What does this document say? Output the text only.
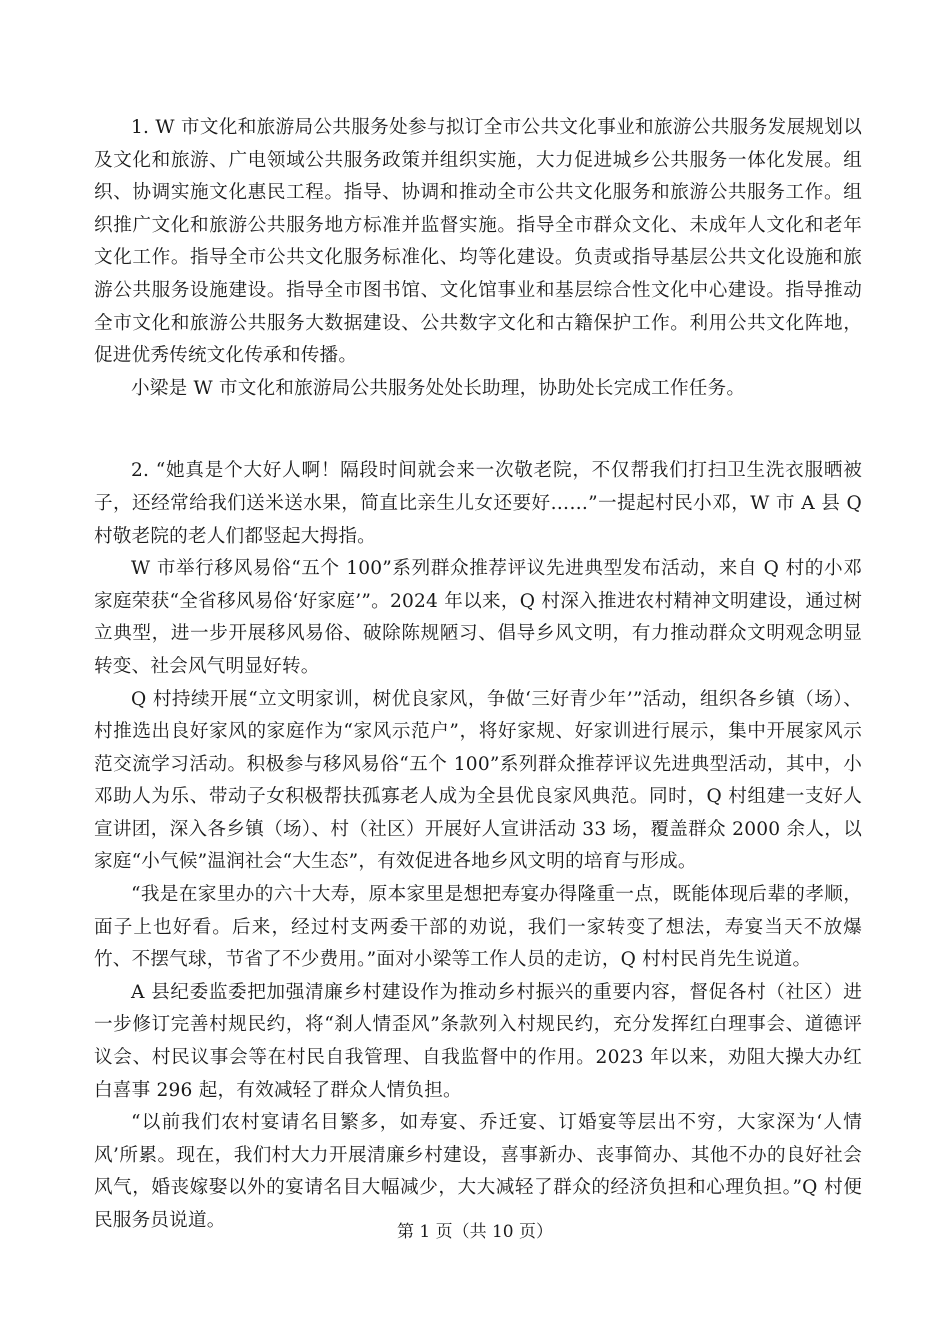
1. W 市文化和旅游局公共服务处参与拟订全市公共文化事业和旅游公共服务发展规划以及文化和旅游、广电领域公共服务政策并组织实施，大力促进城乡公共服务一体化发展。组织、协调实施文化惠民工程。指导、协调和推动全市公共文化服务和旅游公共服务工作。组织推广文化和旅游公共服务地方标准并监督实施。指导全市群众文化、未成年人文化和老年文化工作。指导全市公共文化服务标准化、均等化建设。负责或指导基层公共文化设施和旅游公共服务设施建设。指导全市图书馆、文化馆事业和基层综合性文化中心建设。指导推动全市文化和旅游公共服务大数据建设、公共数字文化和古籍保护工作。利用公共文化阵地，促进优秀传统文化传承和传播。

小梁是 W 市文化和旅游局公共服务处处长助理，协助处长完成工作任务。

2. “她真是个大好人啊！隔段时间就会来一次敬老院，不仅帮我们打扫卫生洗衣服晒被子，还经常给我们送米送水果，简直比亲生儿女还要好……”一提起村民小邓，W 市 A 县 Q 村敬老院的老人们都竖起大拇指。

W 市举行移风易俗“五个 100”系列群众推荐评议先进典型发布活动，来自 Q 村的小邓家庭荣获“全省移风易俗‘好家庭’”。2024 年以来，Q 村深入推进农村精神文明建设，通过树立典型，进一步开展移风易俗、破除陈规陋习、倡导乡风文明，有力推动群众文明观念明显转变、社会风气明显好转。

Q 村持续开展“立文明家训，树优良家风，争做‘三好青少年’”活动，组织各乡镇（场）、村推选出良好家风的家庭作为“家风示范户”，将好家规、好家训进行展示，集中开展家风示范交流学习活动。积极参与移风易俗“五个 100”系列群众推荐评议先进典型活动，其中，小邓助人为乐、带动子女积极帮扶孤寡老人成为全县优良家风典范。同时，Q 村组建一支好人宣讲团，深入各乡镇（场）、村（社区）开展好人宣讲活动 33 场，覆盖群众 2000 余人，以家庭“小气候”温润社会“大生态”，有效促进各地乡风文明的培育与形成。

“我是在家里办的六十大寿，原本家里是想把寿宴办得隆重一点，既能体现后辈的孝顺，面子上也好看。后来，经过村支两委干部的劝说，我们一家转变了想法，寿宴当天不放爆竹、不摆气球，节省了不少费用。”面对小梁等工作人员的走访，Q 村村民肖先生说道。

A 县纪委监委把加强清廉乡村建设作为推动乡村振兴的重要内容，督促各村（社区）进一步修订完善村规民约，将“刹人情歪风”条款列入村规民约，充分发挥红白理事会、道德评议会、村民议事会等在村民自我管理、自我监督中的作用。2023 年以来，劝阻大操大办红白喜事 296 起，有效减轻了群众人情负担。

“以前我们农村宴请名目繁多，如寿宴、乔迁宴、订婚宴等层出不穷，大家深为‘人情风’所累。现在，我们村大力开展清廉乡村建设，喜事新办、丧事简办、其他不办的良好社会风气，婚丧嫁娶以外的宴请名目大幅减少，大大减轻了群众的经济负担和心理负担。”Q 村便民服务员说道。

第 1 页（共 10 页）
